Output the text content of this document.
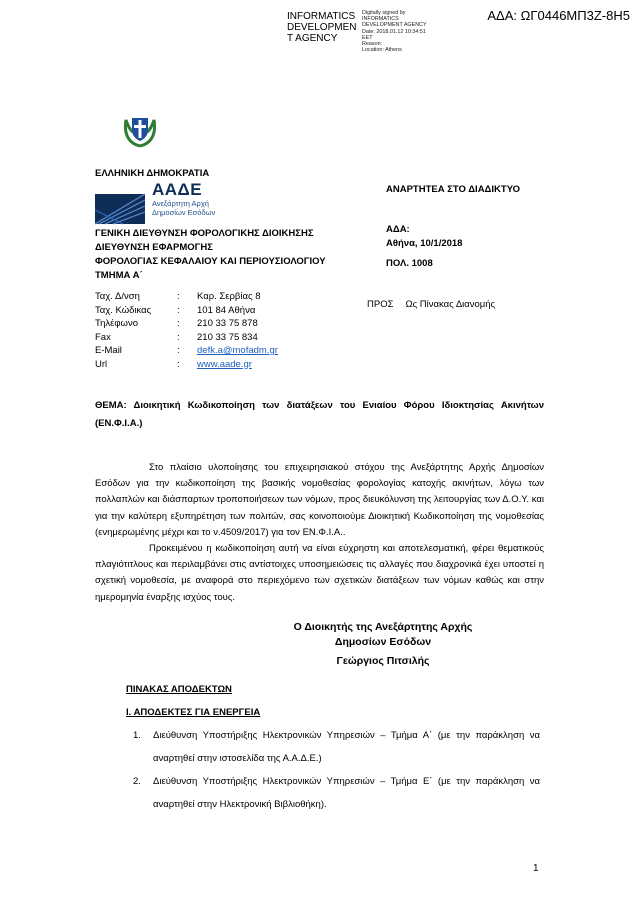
INFORMATICS
DEVELOPMEN
T AGENCY
Digitally signed by
INFORMATICS
DEVELOPMENT AGENCY
Date: 2018.01.12 10:34:51
EET
Reason:
Location: Athens
ΑΔΑ: ΩΓ0446ΜΠ3Ζ-8Η5
ΕΛΛΗΝΙΚΗ ΔΗΜΟΚΡΑΤΙΑ
ΑΑΔΕ
Ανεξάρτητη Αρχή
Δημοσίων Εσόδων
ΓΕΝΙΚΗ ΔΙΕΥΘΥΝΣΗ ΦΟΡΟΛΟΓΙΚΗΣ ΔΙΟΙΚΗΣΗΣ
ΔΙΕΥΘΥΝΣΗ ΕΦΑΡΜΟΓΗΣ
ΦΟΡΟΛΟΓΙΑΣ ΚΕΦΑΛΑΙΟΥ ΚΑΙ ΠΕΡΙΟΥΣΙΟΛΟΓΙΟΥ
ΤΜΗΜΑ Α΄
ΑΝΑΡΤΗΤΕΑ ΣΤΟ ΔΙΑΔΙΚΤΥΟ
ΑΔΑ:
Αθήνα, 10/1/2018
ΠΟΛ. 1008
Ταχ. Δ/νση	:	Καρ. Σερβίας 8
Ταχ. Κώδικας	:	101 84 Αθήνα
Τηλέφωνο	:	210 33 75 878
Fax	:	210 33 75 834
E-Mail	:	defk.a@mofadm.gr
Url	:	www.aade.gr
ΠΡΟΣ Ως Πίνακας Διανομής
ΘΕΜΑ: Διοικητική Κωδικοποίηση των διατάξεων του Ενιαίου Φόρου Ιδιοκτησίας Ακινήτων (ΕΝ.Φ.Ι.Α.)

Στο πλαίσιο υλοποίησης του επιχειρησιακού στόχου της Ανεξάρτητης Αρχής Δημοσίων Εσόδων για την κωδικοποίηση της βασικής νομοθεσίας φορολογίας κατοχής ακινήτων, λόγω των πολλαπλών και διάσπαρτων τροποποιήσεων των νόμων, προς διευκόλυνση της λειτουργίας των Δ.Ο.Υ. και για την καλύτερη εξυπηρέτηση των πολιτών, σας κοινοποιούμε Διοικητική Κωδικοποίηση της νομοθεσίας (ενημερωμένης μέχρι και το ν.4509/2017) για τον ΕΝ.Φ.Ι.Α..

Προκειμένου η κωδικοποίηση αυτή να είναι εύχρηστη και αποτελεσματική, φέρει θεματικούς πλαγιότιτλους και περιλαμβάνει στις αντίστοιχες υποσημειώσεις τις αλλαγές που διαχρονικά έχει υποστεί η σχετική νομοθεσία, με αναφορά στο περιεχόμενο των σχετικών διατάξεων των νόμων καθώς και στην ημερομηνία έναρξης ισχύος τους.

Ο Διοικητής της Ανεξάρτητης Αρχής
Δημοσίων Εσόδων
Γεώργιος Πιτσιλής
ΠΙΝΑΚΑΣ ΑΠΟΔΕΚΤΩΝ
Ι. ΑΠΟΔΕΚΤΕΣ ΓΙΑ ΕΝΕΡΓΕΙΑ
1. Διεύθυνση Υποστήριξης Ηλεκτρονικών Υπηρεσιών – Τμήμα Α΄ (με την παράκληση να αναρτηθεί στην ιστοσελίδα της Α.Α.Δ.Ε.)
2. Διεύθυνση Υποστήριξης Ηλεκτρονικών Υπηρεσιών – Τμήμα Ε΄ (με την παράκληση να αναρτηθεί στην Ηλεκτρονική Βιβλιοθήκη).
1
